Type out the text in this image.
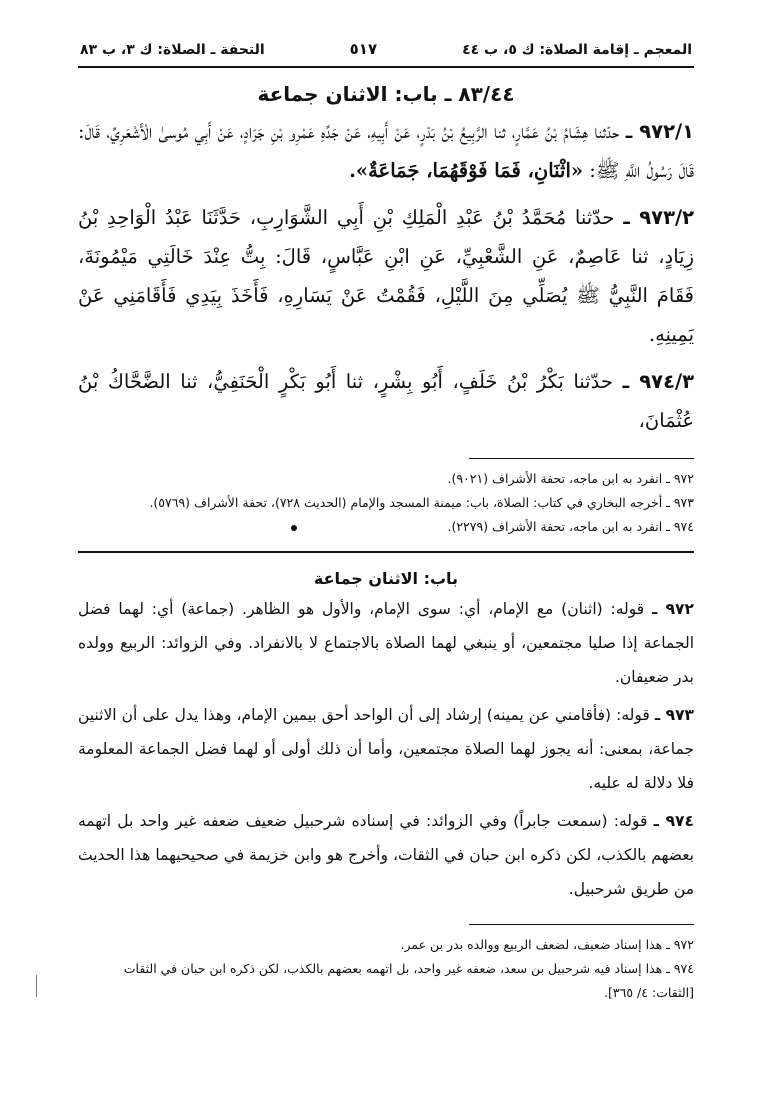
المعجم ـ إقامة الصلاة: ك ٥، ب ٤٤
٥١٧
التحفة ـ الصلاة: ك ٣، ب ٨٣
٨٣/٤٤ ـ باب: الاثنان جماعة

٩٧٢/١ ـ حدّثنا هِشَامُ بْنُ عَمَّارٍ، ثنا الرَّبِيعُ بْنُ بَدْرٍ، عَنْ أَبِيهِ، عَنْ جَدِّهِ عَمْرِو بْنِ جَرَادٍ، عَنْ أَبِي مُوسىٰ الْأَشْعَرِيِّ، قَالَ: قَالَ رَسُولُ اللَّهِ ﷺ: «اثْنَانِ، فَمَا فَوْقَهُمَا، جَمَاعَةٌ».

٩٧٣/٢ ـ حدّثنا مُحَمَّدُ بْنُ عَبْدِ الْمَلِكِ بْنِ أَبِي الشَّوَارِبِ، حَدَّثَنَا عَبْدُ الْوَاحِدِ بْنُ زِيَادٍ، ثنا عَاصِمٌ، عَنِ الشَّعْبِيِّ، عَنِ ابْنِ عَبَّاسٍ، قَالَ: بِتُّ عِنْدَ خَالَتِي مَيْمُونَةَ، فَقَامَ النَّبِيُّ ﷺ يُصَلِّي مِنَ اللَّيْلِ، فَقُمْتُ عَنْ يَسَارِهِ، فَأَخَذَ بِيَدِي فَأَقَامَنِي عَنْ يَمِينِهِ.

٩٧٤/٣ ـ حدّثنا بَكْرُ بْنُ خَلَفٍ، أَبُو بِشْرٍ، ثنا أَبُو بَكْرٍ الْحَنَفِيُّ، ثنا الضَّحَّاكُ بْنُ عُثْمَانَ،

٩٧٢ ـ انفرد به ابن ماجه، تحفة الأشراف (٩٠٢١).

٩٧٣ ـ أخرجه البخاري في كتاب: الصلاة، باب: ميمنة المسجد والإمام (الحديث ٧٢٨)، تحفة الأشراف (٥٧٦٩).

٩٧٤ ـ انفرد به ابن ماجه، تحفة الأشراف (٢٢٧٩).

باب: الاثنان جماعة

٩٧٢ ـ قوله: (اثنان) مع الإمام، أي: سوى الإمام، والأول هو الظاهر. (جماعة) أي: لهما فضل الجماعة إذا صليا مجتمعين، أو ينبغي لهما الصلاة بالاجتماع لا بالانفراد. وفي الزوائد: الربيع وولده بدر ضعيفان.

٩٧٣ ـ قوله: (فأقامني عن يمينه) إرشاد إلى أن الواحد أحق بيمين الإمام، وهذا يدل على أن الاثنين جماعة، بمعنى: أنه يجوز لهما الصلاة مجتمعين، وأما أن ذلك أولى أو لهما فضل الجماعة المعلومة فلا دلالة له عليه.

٩٧٤ ـ قوله: (سمعت جابراً) وفي الزوائد: في إسناده شرحبيل ضعيف ضعفه غير واحد بل اتهمه بعضهم بالكذب، لكن ذكره ابن حبان في الثقات، وأخرج هو وابن خزيمة في صحيحيهما هذا الحديث من طريق شرحبيل.

٩٧٢ ـ هذا إسناد ضعيف، لضعف الربيع ووالده بدر بن عمر.

٩٧٤ ـ هذا إسناد فيه شرحبيل بن سعد، ضعفه غير واحد، بل اتهمه بعضهم بالكذب، لكن ذكره ابن حبان في الثقات [الثقات: ٤/ ٣٦٥].
